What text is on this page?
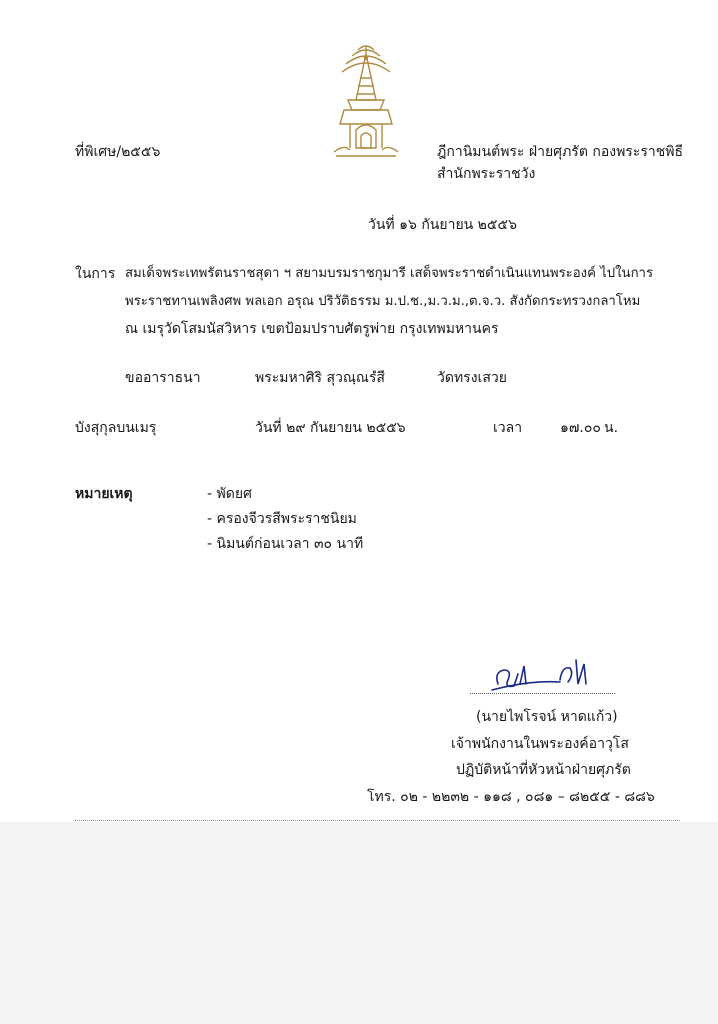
ที่พิเศษ/๒๕๕๖	ฎีกานิมนต์พระ ฝ่ายศุภรัต กองพระราชพิธี
สำนักพระราชวัง
วันที่ ๑๖ กันยายน ๒๕๕๖
ในการ สมเด็จพระเทพรัตนราชสุดา ฯ สยามบรมราชกุมารี เสด็จพระราชดำเนินแทนพระองค์ ไปในการ
พระราชทานเพลิงศพ พลเอก อรุณ ปริวัติธรรม ม.ป.ช.,ม.ว.ม.,ต.จ.ว. สังกัดกระทรวงกลาโหม
ณ เมรุวัดโสมนัสวิหาร เขตป้อมปราบศัตรูพ่าย กรุงเทพมหานคร
ขออาราธนา	พระมหาศิริ สุวณฺณรํสี	วัดทรงเสวย
บังสุกุลบนเมรุ	วันที่ ๒๙ กันยายน ๒๕๕๖	เวลา	๑๗.๐๐ น.
หมายเหตุ	- พัดยศ
- ครองจีวรสีพระราชนิยม
- นิมนต์ก่อนเวลา ๓๐ นาที
(นายไพโรจน์ หาดแก้ว)
เจ้าพนักงานในพระองค์อาวุโส
ปฏิบัติหน้าที่หัวหน้าฝ่ายศุภรัต
โทร. ๐๒ - ๒๒๓๒ - ๑๑๘ , ๐๘๑ – ๘๒๕๕ - ๘๘๖
